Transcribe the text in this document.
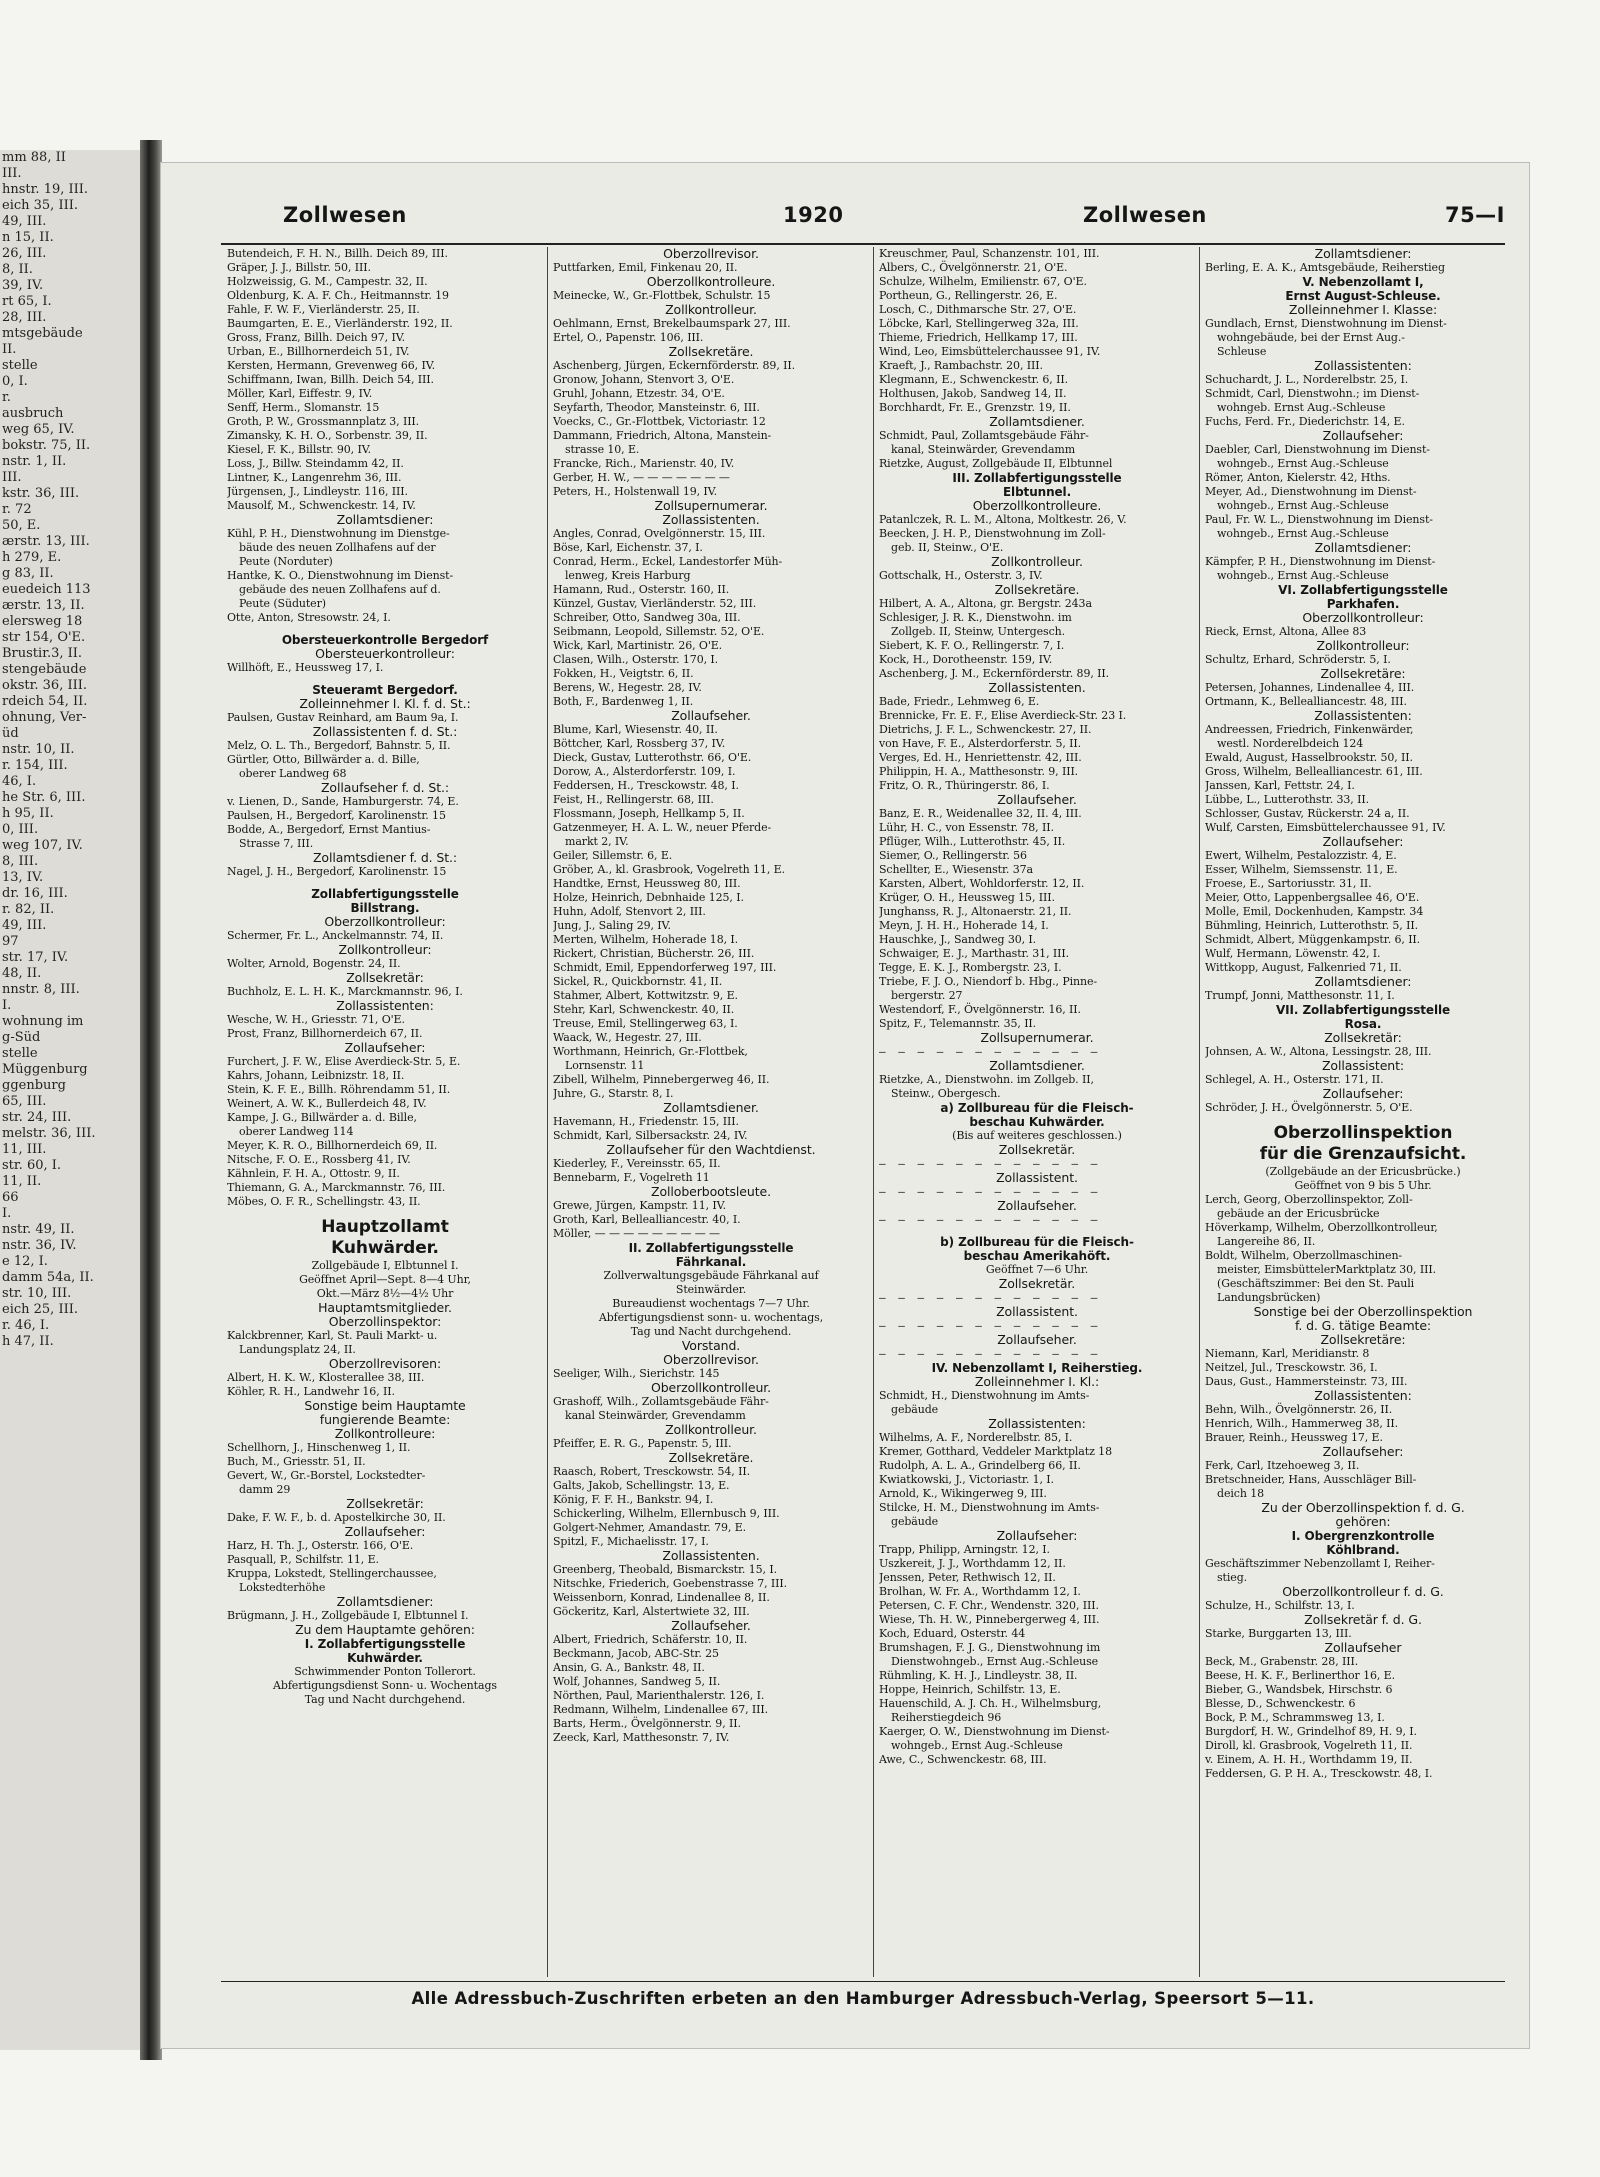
mm 88, II
III.
hnstr. 19, III.
eich 35, III.
49, III.
n 15, II.
26, III.
8, II.
39, IV.
rt 65, I.
28, III.
mtsgebäude
II.
stelle
0, I.
r.
ausbruch
weg 65, IV.
bokstr. 75, II.
nstr. 1, II.
III.
kstr. 36, III.
r. 72
50, E.
ærstr. 13, III.
h 279, E.
g 83, II.
euedeich 113
ærstr. 13, II.
elersweg 18
str 154, O'E.
Brustir.3, II.
stengebäude
okstr. 36, III.
rdeich 54, II.
ohnung, Ver-
üd
nstr. 10, II.
r. 154, III.
46, I.
he Str. 6, III.
h 95, II.
0, III.
weg 107, IV.
8, III.
13, IV.
dr. 16, III.
r. 82, II.
49, III.
97
str. 17, IV.
48, II.
nnstr. 8, III.
I.
wohnung im
g-Süd
stelle
Müggenburg
ggenburg
65, III.
str. 24, III.
melstr. 36, III.
11, III.
str. 60, I.
11, II.
66
I.
nstr. 49, II.
nstr. 36, IV.
e 12, I.
damm 54a, II.
str. 10, III.
eich 25, III.
r. 46, I.
h 47, II.
Zollwesen	1920	Zollwesen	75—I
Butendeich, F. H. N., Billh. Deich 89, III.
Gräper, J. J., Billstr. 50, III.
Holzweissig, G. M., Campestr. 32, II.
Oldenburg, K. A. F. Ch., Heitmannstr. 19
Fahle, F. W. F., Vierländerstr. 25, II.
Baumgarten, E. E., Vierländerstr. 192, II.
Gross, Franz, Billh. Deich 97, IV.
Urban, E., Billhornerdeich 51, IV.
Kersten, Hermann, Grevenweg 66, IV.
Schiffmann, Iwan, Billh. Deich 54, III.
Möller, Karl, Eiffestr. 9, IV.
Senff, Herm., Slomanstr. 15
Groth, P. W., Grossmannplatz 3, III.
Zimansky, K. H. O., Sorbenstr. 39, II.
Kiesel, F. K., Billstr. 90, IV.
Loss, J., Billw. Steindamm 42, II.
Lintner, K., Langenrehm 36, III.
Jürgensen, J., Lindleystr. 116, III.
Mausolf, M., Schwenckestr. 14, IV.
Zollamtsdiener:
Kühl, P. H., Dienstwohnung im Dienstge-
bäude des neuen Zollhafens auf der
Peute (Norduter)
Hantke, K. O., Dienstwohnung im Dienst-
gebäude des neuen Zollhafens auf d.
Peute (Süduter)
Otte, Anton, Stresowstr. 24, I.
Obersteuerkontrolle Bergedorf
Obersteuerkontrolleur:
Willhöft, E., Heussweg 17, I.
Steueramt Bergedorf.
Zolleinnehmer I. Kl. f. d. St.:
Paulsen, Gustav Reinhard, am Baum 9a, I.
Zollassistenten f. d. St.:
Melz, O. L. Th., Bergedorf, Bahnstr. 5, II.
Gürtler, Otto, Billwärder a. d. Bille,
oberer Landweg 68
Zollaufseher f. d. St.:
v. Lienen, D., Sande, Hamburgerstr. 74, E.
Paulsen, H., Bergedorf, Karolinenstr. 15
Bodde, A., Bergedorf, Ernst Mantius-
Strasse 7, III.
Zollamtsdiener f. d. St.:
Nagel, J. H., Bergedorf, Karolinenstr. 15
Zollabfertigungsstelle
Billstrang.
Oberzollkontrolleur:
Schermer, Fr. L., Anckelmannstr. 74, II.
Zollkontrolleur:
Wolter, Arnold, Bogenstr. 24, II.
Zollsekretär:
Buchholz, E. L. H. K., Marckmannstr. 96, I.
Zollassistenten:
Wesche, W. H., Griesstr. 71, O'E.
Prost, Franz, Billhornerdeich 67, II.
Zollaufseher:
Furchert, J. F. W., Elise Averdieck-Str. 5, E.
Kahrs, Johann, Leibnizstr. 18, II.
Stein, K. F. E., Billh. Röhrendamm 51, II.
Weinert, A. W. K., Bullerdeich 48, IV.
Kampe, J. G., Billwärder a. d. Bille,
oberer Landweg 114
Meyer, K. R. O., Billhornerdeich 69, II.
Nitsche, F. O. E., Rossberg 41, IV.
Kähnlein, F. H. A., Ottostr. 9, II.
Thiemann, G. A., Marckmannstr. 76, III.
Möbes, O. F. R., Schellingstr. 43, II.
Hauptzollamt
Kuhwärder.
Zollgebäude I, Elbtunnel I.
Geöffnet April—Sept. 8—4 Uhr,
Okt.—März 8½—4½ Uhr
Hauptamtsmitglieder.
Oberzollinspektor:
Kalckbrenner, Karl, St. Pauli Markt- u.
Landungsplatz 24, II.
Oberzollrevisoren:
Albert, H. K. W., Klosterallee 38, III.
Köhler, R. H., Landwehr 16, II.
Sonstige beim Hauptamte
fungierende Beamte:
Zollkontrolleure:
Schellhorn, J., Hinschenweg 1, II.
Buch, M., Griesstr. 51, II.
Gevert, W., Gr.-Borstel, Lockstedter-
damm 29
Zollsekretär:
Dake, F. W. F., b. d. Apostelkirche 30, II.
Zollaufseher:
Harz, H. Th. J., Osterstr. 166, O'E.
Pasquall, P., Schilfstr. 11, E.
Kruppa, Lokstedt, Stellingerchaussee,
Lokstedterhöhe
Zollamtsdiener:
Brügmann, J. H., Zollgebäude I, Elbtunnel I.
Zu dem Hauptamte gehören:
I. Zollabfertigungsstelle
Kuhwärder.
Schwimmender Ponton Tollerort.
Abfertigungsdienst Sonn- u. Wochentags
Tag und Nacht durchgehend.
Oberzollrevisor.
Puttfarken, Emil, Finkenau 20, II.
Oberzollkontrolleure.
Meinecke, W., Gr.-Flottbek, Schulstr. 15
Zollkontrolleur.
Oehlmann, Ernst, Brekelbaumspark 27, III.
Ertel, O., Papenstr. 106, III.
Zollsekretäre.
Aschenberg, Jürgen, Eckernförderstr. 89, II.
Gronow, Johann, Stenvort 3, O'E.
Gruhl, Johann, Etzestr. 34, O'E.
Seyfarth, Theodor, Mansteinstr. 6, III.
Voecks, C., Gr.-Flottbek, Victoriastr. 12
Dammann, Friedrich, Altona, Manstein-
strasse 10, E.
Francke, Rich., Marienstr. 40, IV.
Gerber, H. W., — — — — — — —
Peters, H., Holstenwall 19, IV.
Zollsupernumerar.
Zollassistenten.
Angles, Conrad, Ovelgönnerstr. 15, III.
Böse, Karl, Eichenstr. 37, I.
Conrad, Herm., Eckel, Landestorfer Müh-
lenweg, Kreis Harburg
Hamann, Rud., Osterstr. 160, II.
Künzel, Gustav, Vierländerstr. 52, III.
Schreiber, Otto, Sandweg 30a, III.
Seibmann, Leopold, Sillemstr. 52, O'E.
Wick, Karl, Martinistr. 26, O'E.
Clasen, Wilh., Osterstr. 170, I.
Fokken, H., Veigtstr. 6, II.
Berens, W., Hegestr. 28, IV.
Both, F., Bardenweg 1, II.
Zollaufseher.
Blume, Karl, Wiesenstr. 40, II.
Böttcher, Karl, Rossberg 37, IV.
Dieck, Gustav, Lutterothstr. 66, O'E.
Dorow, A., Alsterdorferstr. 109, I.
Feddersen, H., Tresckowstr. 48, I.
Feist, H., Rellingerstr. 68, III.
Flossmann, Joseph, Hellkamp 5, II.
Gatzenmeyer, H. A. L. W., neuer Pferde-
markt 2, IV.
Geiler, Sillemstr. 6, E.
Gröber, A., kl. Grasbrook, Vogelreth 11, E.
Handtke, Ernst, Heussweg 80, III.
Holze, Heinrich, Debnhaide 125, I.
Huhn, Adolf, Stenvort 2, III.
Jung, J., Saling 29, IV.
Merten, Wilhelm, Hoherade 18, I.
Rickert, Christian, Bücherstr. 26, III.
Schmidt, Emil, Eppendorferweg 197, III.
Sickel, R., Quickbornstr. 41, II.
Stahmer, Albert, Kottwitzstr. 9, E.
Stehr, Karl, Schwenckestr. 40, II.
Treuse, Emil, Stellingerweg 63, I.
Waack, W., Hegestr. 27, III.
Worthmann, Heinrich, Gr.-Flottbek,
Lornsenstr. 11
Zibell, Wilhelm, Pinnebergerweg 46, II.
Juhre, G., Starstr. 8, I.
Zollamtsdiener.
Havemann, H., Friedenstr. 15, III.
Schmidt, Karl, Silbersackstr. 24, IV.
Zollaufseher für den Wachtdienst.
Kiederley, F., Vereinsstr. 65, II.
Bennebarm, F., Vogelreth 11
Zolloberbootsleute.
Grewe, Jürgen, Kampstr. 11, IV.
Groth, Karl, Bellealliancestr. 40, I.
Möller, — — — — — — — — —
II. Zollabfertigungsstelle
Fährkanal.
Zollverwaltungsgebäude Fährkanal auf
Steinwärder.
Bureaudienst wochentags 7—7 Uhr.
Abfertigungsdienst sonn- u. wochentags,
Tag und Nacht durchgehend.
Vorstand.
Oberzollrevisor.
Seeliger, Wilh., Sierichstr. 145
Oberzollkontrolleur.
Grashoff, Wilh., Zollamtsgebäude Fähr-
kanal Steinwärder, Grevendamm
Zollkontrolleur.
Pfeiffer, E. R. G., Papenstr. 5, III.
Zollsekretäre.
Raasch, Robert, Tresckowstr. 54, II.
Galts, Jakob, Schellingstr. 13, E.
König, F. F. H., Bankstr. 94, I.
Schickerling, Wilhelm, Ellernbusch 9, III.
Golgert-Nehmer, Amandastr. 79, E.
Spitzl, F., Michaelisstr. 17, I.
Zollassistenten.
Greenberg, Theobald, Bismarckstr. 15, I.
Nitschke, Friederich, Goebenstrasse 7, III.
Weissenborn, Konrad, Lindenallee 8, II.
Göckeritz, Karl, Alstertwiete 32, III.
Zollaufseher.
Albert, Friedrich, Schäferstr. 10, II.
Beckmann, Jacob, ABC-Str. 25
Ansin, G. A., Bankstr. 48, II.
Wolf, Johannes, Sandweg 5, II.
Nörthen, Paul, Marienthalerstr. 126, I.
Redmann, Wilhelm, Lindenallee 67, III.
Barts, Herm., Övelgönnerstr. 9, II.
Zeeck, Karl, Matthesonstr. 7, IV.
Kreuschmer, Paul, Schanzenstr. 101, III.
Albers, C., Övelgönnerstr. 21, O'E.
Schulze, Wilhelm, Emilienstr. 67, O'E.
Portheun, G., Rellingerstr. 26, E.
Losch, C., Dithmarsche Str. 27, O'E.
Löbcke, Karl, Stellingerweg 32a, III.
Thieme, Friedrich, Hellkamp 17, III.
Wind, Leo, Eimsbüttelerchaussee 91, IV.
Kraeft, J., Rambachstr. 20, III.
Klegmann, E., Schwenckestr. 6, II.
Holthusen, Jakob, Sandweg 14, II.
Borchhardt, Fr. E., Grenzstr. 19, II.
Zollamtsdiener.
Schmidt, Paul, Zollamtsgebäude Fähr-
kanal, Steinwärder, Grevendamm
Rietzke, August, Zollgebäude II, Elbtunnel
III. Zollabfertigungsstelle
Elbtunnel.
Oberzollkontrolleure.
Patanlczek, R. L. M., Altona, Moltkestr. 26, V.
Beecken, J. H. P., Dienstwohnung im Zoll-
geb. II, Steinw., O'E.
Zollkontrolleur.
Gottschalk, H., Osterstr. 3, IV.
Zollsekretäre.
Hilbert, A. A., Altona, gr. Bergstr. 243a
Schlesiger, J. R. K., Dienstwohn. im
Zollgeb. II, Steinw, Untergesch.
Siebert, K. F. O., Rellingerstr. 7, I.
Kock, H., Dorotheenstr. 159, IV.
Aschenberg, J. M., Eckernförderstr. 89, II.
Zollassistenten.
Bade, Friedr., Lehmweg 6, E.
Brennicke, Fr. E. F., Elise Averdieck-Str. 23 I.
Dietrichs, J. F. L., Schwenckestr. 27, II.
von Have, F. E., Alsterdorferstr. 5, II.
Verges, Ed. H., Henriettenstr. 42, III.
Philippin, H. A., Matthesonstr. 9, III.
Fritz, O. R., Thüringerstr. 86, I.
Zollaufseher.
Banz, E. R., Weidenallee 32, II. 4, III.
Lühr, H. C., von Essenstr. 78, II.
Pflüger, Wilh., Lutterothstr. 45, II.
Siemer, O., Rellingerstr. 56
Schellter, E., Wiesenstr. 37a
Karsten, Albert, Wohldorferstr. 12, II.
Krüger, O. H., Heussweg 15, III.
Junghanss, R. J., Altonaerstr. 21, II.
Meyn, J. H. H., Hoherade 14, I.
Hauschke, J., Sandweg 30, I.
Schwaiger, E. J., Marthastr. 31, III.
Tegge, E. K. J., Rombergstr. 23, I.
Triebe, F. J. O., Niendorf b. Hbg., Pinne-
bergerstr. 27
Westendorf, F., Övelgönnerstr. 16, II.
Spitz, F., Telemannstr. 35, II.
Zollsupernumerar.
— — — — — — — — — — — —
Zollamtsdiener.
Rietzke, A., Dienstwohn. im Zollgeb. II,
Steinw., Obergesch.
a) Zollbureau für die Fleisch-
beschau Kuhwärder.
(Bis auf weiteres geschlossen.)
Zollsekretär.
— — — — — — — — — — — —
Zollassistent.
— — — — — — — — — — — —
Zollaufseher.
— — — — — — — — — — — —
b) Zollbureau für die Fleisch-
beschau Amerikahöft.
Geöffnet 7—6 Uhr.
Zollsekretär.
— — — — — — — — — — — —
Zollassistent.
— — — — — — — — — — — —
Zollaufseher.
— — — — — — — — — — — —
IV. Nebenzollamt I, Reiherstieg.
Zolleinnehmer I. Kl.:
Schmidt, H., Dienstwohnung im Amts-
gebäude
Zollassistenten:
Wilhelms, A. F., Norderelbstr. 85, I.
Kremer, Gotthard, Veddeler Marktplatz 18
Rudolph, A. L. A., Grindelberg 66, II.
Kwiatkowski, J., Victoriastr. 1, I.
Arnold, K., Wikingerweg 9, III.
Stilcke, H. M., Dienstwohnung im Amts-
gebäude
Zollaufseher:
Trapp, Philipp, Arningstr. 12, I.
Uszkereit, J. J., Worthdamm 12, II.
Jenssen, Peter, Rethwisch 12, II.
Brolhan, W. Fr. A., Worthdamm 12, I.
Petersen, C. F. Chr., Wendenstr. 320, III.
Wiese, Th. H. W., Pinnebergerweg 4, III.
Koch, Eduard, Osterstr. 44
Brumshagen, F. J. G., Dienstwohnung im
Dienstwohngeb., Ernst Aug.-Schleuse
Rühmling, K. H. J., Lindleystr. 38, II.
Hoppe, Heinrich, Schilfstr. 13, E.
Hauenschild, A. J. Ch. H., Wilhelmsburg,
Reiherstiegdeich 96
Kaerger, O. W., Dienstwohnung im Dienst-
wohngeb., Ernst Aug.-Schleuse
Awe, C., Schwenckestr. 68, III.
Zollamtsdiener:
Berling, E. A. K., Amtsgebäude, Reiherstieg
V. Nebenzollamt I,
Ernst August-Schleuse.
Zolleinnehmer I. Klasse:
Gundlach, Ernst, Dienstwohnung im Dienst-
wohngebäude, bei der Ernst Aug.-
Schleuse
Zollassistenten:
Schuchardt, J. L., Norderelbstr. 25, I.
Schmidt, Carl, Dienstwohn.; im Dienst-
wohngeb. Ernst Aug.-Schleuse
Fuchs, Ferd. Fr., Diederichstr. 14, E.
Zollaufseher:
Daebler, Carl, Dienstwohnung im Dienst-
wohngeb., Ernst Aug.-Schleuse
Römer, Anton, Kielerstr. 42, Hths.
Meyer, Ad., Dienstwohnung im Dienst-
wohngeb., Ernst Aug.-Schleuse
Paul, Fr. W. L., Dienstwohnung im Dienst-
wohngeb., Ernst Aug.-Schleuse
Zollamtsdiener:
Kämpfer, P. H., Dienstwohnung im Dienst-
wohngeb., Ernst Aug.-Schleuse
VI. Zollabfertigungsstelle
Parkhafen.
Oberzollkontrolleur:
Rieck, Ernst, Altona, Allee 83
Zollkontrolleur:
Schultz, Erhard, Schröderstr. 5, I.
Zollsekretäre:
Petersen, Johannes, Lindenallee 4, III.
Ortmann, K., Bellealliancestr. 48, III.
Zollassistenten:
Andreessen, Friedrich, Finkenwärder,
westl. Norderelbdeich 124
Ewald, August, Hasselbrookstr. 50, II.
Gross, Wilhelm, Bellealliancestr. 61, III.
Janssen, Karl, Fettstr. 24, I.
Lübbe, L., Lutterothstr. 33, II.
Schlosser, Gustav, Rückerstr. 24 a, II.
Wulf, Carsten, Eimsbüttelerchaussee 91, IV.
Zollaufseher:
Ewert, Wilhelm, Pestalozzistr. 4, E.
Esser, Wilhelm, Siemssenstr. 11, E.
Froese, E., Sartoriusstr. 31, II.
Meier, Otto, Lappenbergsallee 46, O'E.
Molle, Emil, Dockenhuden, Kampstr. 34
Bühmling, Heinrich, Lutterothstr. 5, II.
Schmidt, Albert, Müggenkampstr. 6, II.
Wulf, Hermann, Löwenstr. 42, I.
Wittkopp, August, Falkenried 71, II.
Zollamtsdiener:
Trumpf, Jonni, Matthesonstr. 11, I.
VII. Zollabfertigungsstelle
Rosa.
Zollsekretär:
Johnsen, A. W., Altona, Lessingstr. 28, III.
Zollassistent:
Schlegel, A. H., Osterstr. 171, II.
Zollaufseher:
Schröder, J. H., Övelgönnerstr. 5, O'E.
Oberzollinspektion
für die Grenzaufsicht.
(Zollgebäude an der Ericusbrücke.)
Geöffnet von 9 bis 5 Uhr.
Lerch, Georg, Oberzollinspektor, Zoll-
gebäude an der Ericusbrücke
Höverkamp, Wilhelm, Oberzollkontrolleur,
Langereihe 86, II.
Boldt, Wilhelm, Oberzollmaschinen-
meister, EimsbüttelerMarktplatz 30, III.
(Geschäftszimmer: Bei den St. Pauli
Landungsbrücken)
Sonstige bei der Oberzollinspektion
f. d. G. tätige Beamte:
Zollsekretäre:
Niemann, Karl, Meridianstr. 8
Neitzel, Jul., Tresckowstr. 36, I.
Daus, Gust., Hammersteinstr. 73, III.
Zollassistenten:
Behn, Wilh., Övelgönnerstr. 26, II.
Henrich, Wilh., Hammerweg 38, II.
Brauer, Reinh., Heussweg 17, E.
Zollaufseher:
Ferk, Carl, Itzehoeweg 3, II.
Bretschneider, Hans, Ausschläger Bill-
deich 18
Zu der Oberzollinspektion f. d. G.
gehören:
I. Obergrenzkontrolle
Köhlbrand.
Geschäftszimmer Nebenzollamt I, Reiher-
stieg.
Oberzollkontrolleur f. d. G.
Schulze, H., Schilfstr. 13, I.
Zollsekretär f. d. G.
Starke, Burggarten 13, III.
Zollaufseher
Beck, M., Grabenstr. 28, III.
Beese, H. K. F., Berlinerthor 16, E.
Bieber, G., Wandsbek, Hirschstr. 6
Blesse, D., Schwenckestr. 6
Bock, P. M., Schrammsweg 13, I.
Burgdorf, H. W., Grindelhof 89, H. 9, I.
Diroll, kl. Grasbrook, Vogelreth 11, II.
v. Einem, A. H. H., Worthdamm 19, II.
Feddersen, G. P. H. A., Tresckowstr. 48, I.
Alle Adressbuch-Zuschriften erbeten an den Hamburger Adressbuch-Verlag, Speersort 5—11.
